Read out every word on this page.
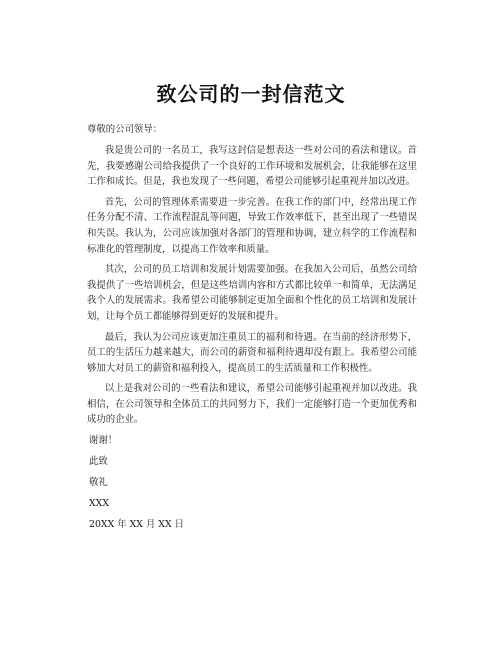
致公司的一封信范文

尊敬的公司领导：

我是贵公司的一名员工，我写这封信是想表达一些对公司的看法和建议。首先，我要感谢公司给我提供了一个良好的工作环境和发展机会，让我能够在这里工作和成长。但是，我也发现了一些问题，希望公司能够引起重视并加以改进。

首先，公司的管理体系需要进一步完善。在我工作的部门中，经常出现工作任务分配不清、工作流程混乱等问题，导致工作效率低下，甚至出现了一些错误和失误。我认为，公司应该加强对各部门的管理和协调，建立科学的工作流程和标准化的管理制度，以提高工作效率和质量。

其次，公司的员工培训和发展计划需要加强。在我加入公司后，虽然公司给我提供了一些培训机会，但是这些培训内容和方式都比较单一和简单，无法满足我个人的发展需求。我希望公司能够制定更加全面和个性化的员工培训和发展计划，让每个员工都能够得到更好的发展和提升。

最后，我认为公司应该更加注重员工的福利和待遇。在当前的经济形势下，员工的生活压力越来越大，而公司的薪资和福利待遇却没有跟上。我希望公司能够加大对员工的薪资和福利投入，提高员工的生活质量和工作积极性。

以上是我对公司的一些看法和建议，希望公司能够引起重视并加以改进。我相信，在公司领导和全体员工的共同努力下，我们一定能够打造一个更加优秀和成功的企业。

谢谢！

此致

敬礼

XXX

20XX 年 XX 月 XX 日
